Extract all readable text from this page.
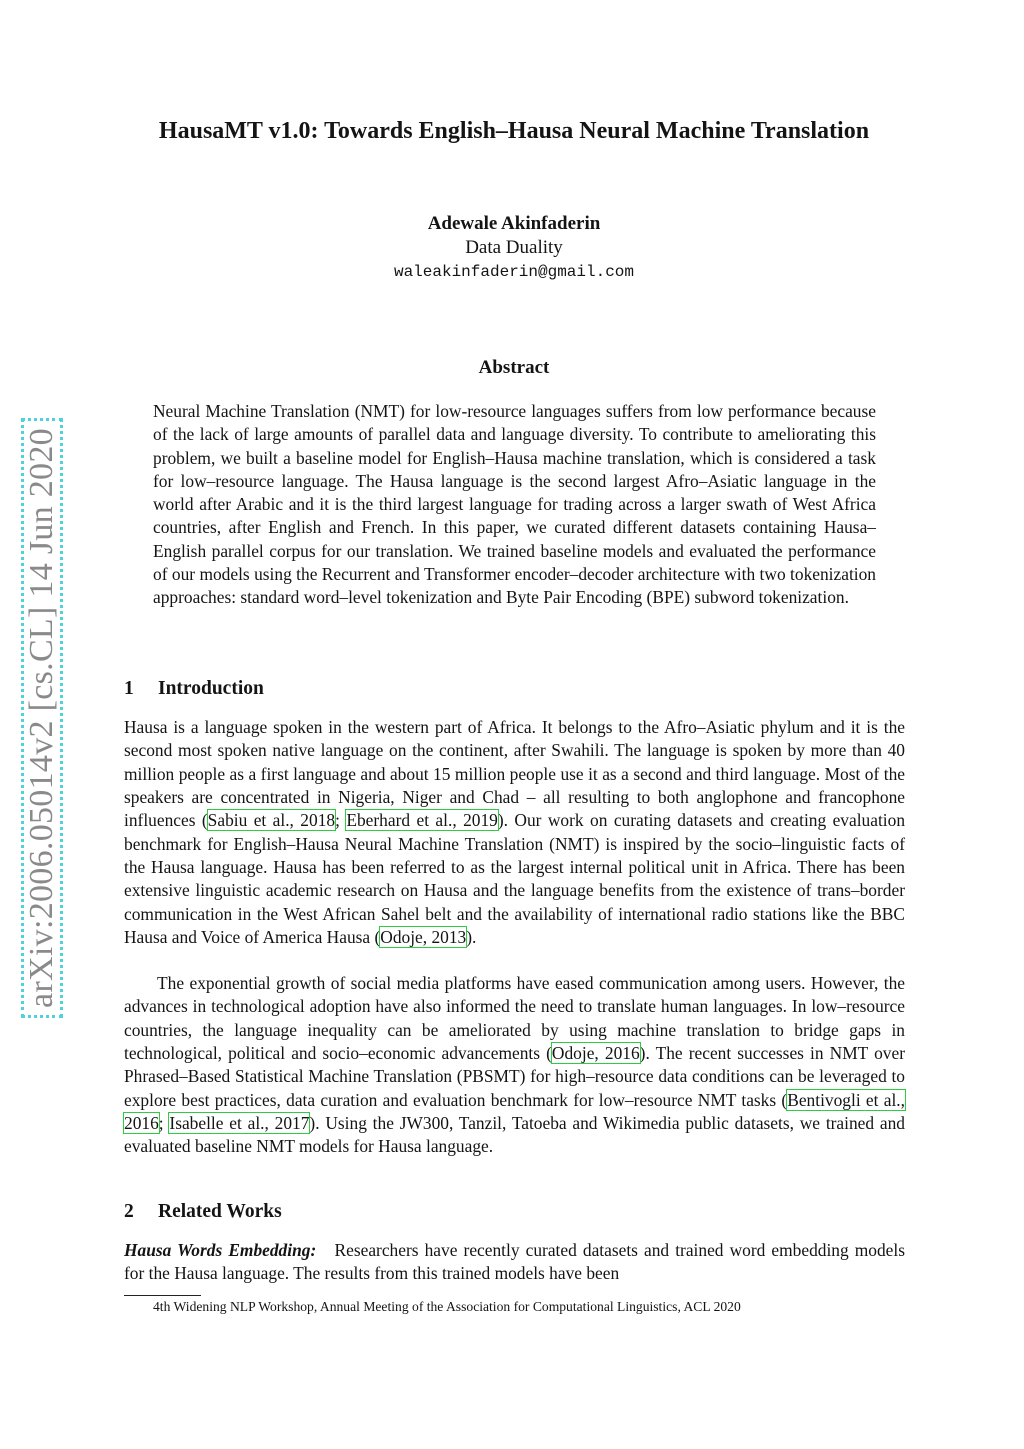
arXiv:2006.05014v2 [cs.CL] 14 Jun 2020
HausaMT v1.0: Towards English–Hausa Neural Machine Translation
Adewale Akinfaderin
Data Duality
waleakinfaderin@gmail.com
Abstract

Neural Machine Translation (NMT) for low-resource languages suffers from low performance because of the lack of large amounts of parallel data and language diversity. To contribute to ameliorating this problem, we built a baseline model for English–Hausa machine translation, which is considered a task for low–resource language. The Hausa language is the second largest Afro–Asiatic language in the world after Arabic and it is the third largest language for trading across a larger swath of West Africa countries, after English and French. In this paper, we curated different datasets containing Hausa–English parallel corpus for our translation. We trained baseline models and evaluated the performance of our models using the Recurrent and Transformer encoder–decoder architecture with two tokenization approaches: standard word–level tokenization and Byte Pair Encoding (BPE) subword tokenization.

1 Introduction

Hausa is a language spoken in the western part of Africa. It belongs to the Afro–Asiatic phylum and it is the second most spoken native language on the continent, after Swahili. The language is spoken by more than 40 million people as a first language and about 15 million people use it as a second and third language. Most of the speakers are concentrated in Nigeria, Niger and Chad – all resulting to both anglophone and francophone influences (Sabiu et al., 2018; Eberhard et al., 2019). Our work on curating datasets and creating evaluation benchmark for English–Hausa Neural Machine Translation (NMT) is inspired by the socio–linguistic facts of the Hausa language. Hausa has been referred to as the largest internal political unit in Africa. There has been extensive linguistic academic research on Hausa and the language benefits from the existence of trans–border communication in the West African Sahel belt and the availability of international radio stations like the BBC Hausa and Voice of America Hausa (Odoje, 2013).

The exponential growth of social media platforms have eased communication among users. However, the advances in technological adoption have also informed the need to translate human languages. In low–resource countries, the language inequality can be ameliorated by using machine translation to bridge gaps in technological, political and socio–economic advancements (Odoje, 2016). The recent successes in NMT over Phrased–Based Statistical Machine Translation (PBSMT) for high–resource data conditions can be leveraged to explore best practices, data curation and evaluation benchmark for low–resource NMT tasks (Bentivogli et al., 2016; Isabelle et al., 2017). Using the JW300, Tanzil, Tatoeba and Wikimedia public datasets, we trained and evaluated baseline NMT models for Hausa language.

2 Related Works

Hausa Words Embedding: Researchers have recently curated datasets and trained word embedding models for the Hausa language. The results from this trained models have been

4th Widening NLP Workshop, Annual Meeting of the Association for Computational Linguistics, ACL 2020
